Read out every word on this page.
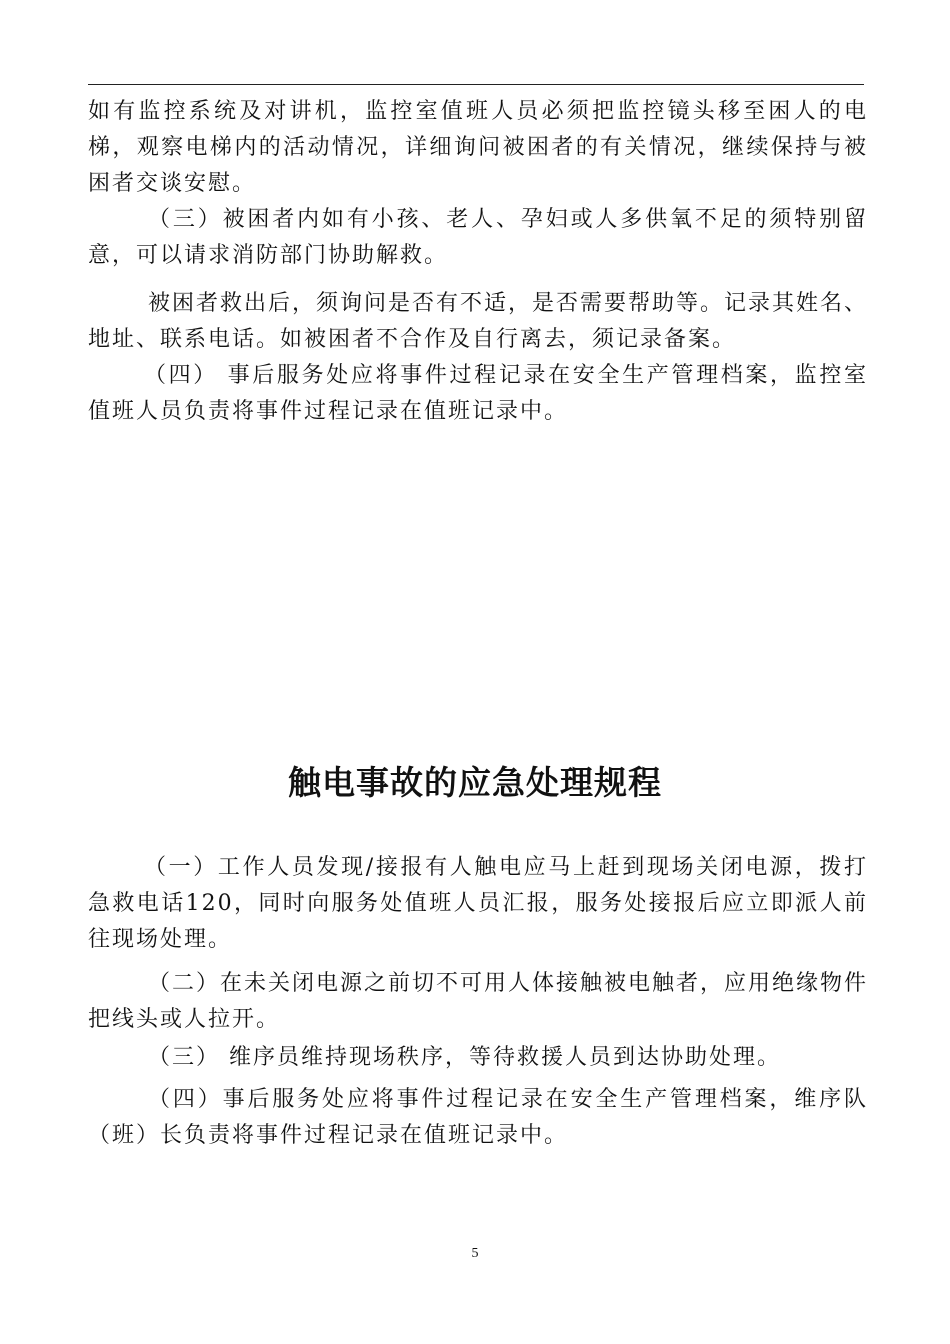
如有监控系统及对讲机，监控室值班人员必须把监控镜头移至困人的电梯，观察电梯内的活动情况，详细询问被困者的有关情况，继续保持与被困者交谈安慰。

（三）被困者内如有小孩、老人、孕妇或人多供氧不足的须特别留意，可以请求消防部门协助解救。

被困者救出后，须询问是否有不适，是否需要帮助等。记录其姓名、地址、联系电话。如被困者不合作及自行离去，须记录备案。

（四） 事后服务处应将事件过程记录在安全生产管理档案，监控室值班人员负责将事件过程记录在值班记录中。

触电事故的应急处理规程

（一）工作人员发现/接报有人触电应马上赶到现场关闭电源，拨打急救电话120，同时向服务处值班人员汇报，服务处接报后应立即派人前往现场处理。

（二）在未关闭电源之前切不可用人体接触被电触者，应用绝缘物件把线头或人拉开。

（三） 维序员维持现场秩序，等待救援人员到达协助处理。

（四）事后服务处应将事件过程记录在安全生产管理档案，维序队（班）长负责将事件过程记录在值班记录中。

5
